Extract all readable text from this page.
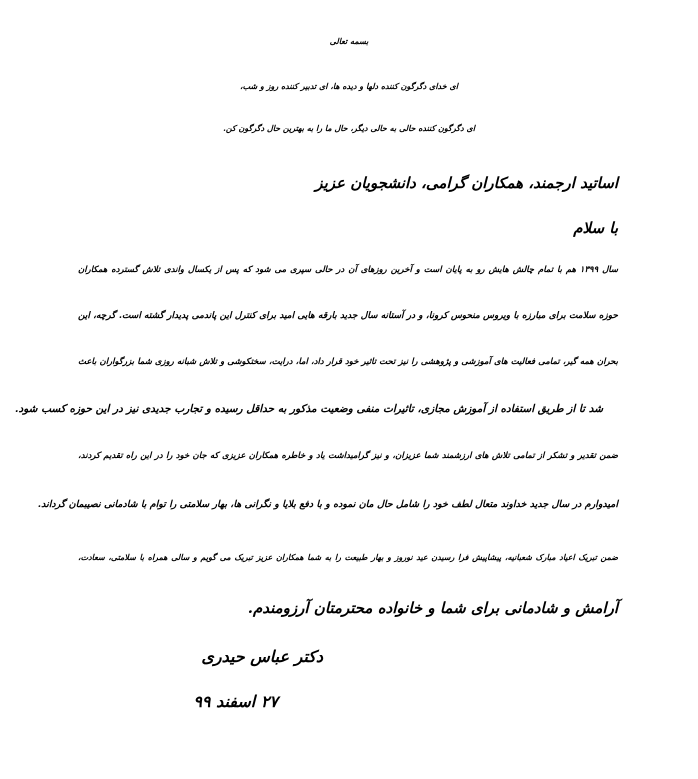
بسمه تعالی
ای خدای دگرگون کننده دلها و دیده ها، ای تدبیر کننده روز و شب،
ای دگرگون کننده حالی به حالی دیگر، حال ما را به بهترین حال دگرگون کن.
اساتید ارجمند، همکاران گرامی، دانشجویان عزیز
با سلام
سال ۱۳۹۹ هم با تمام چالش هایش رو به پایان است و آخرین روزهای آن در حالی سپری می شود که پس از یکسال واندی تلاش گسترده همکاران
حوزه سلامت برای مبارزه با ویروس منحوس کرونا، و در آستانه سال جدید بارقه هایی امید برای کنترل این پاندمی پدیدار گشته است. گرچه، این
بحران همه گیر، تمامی فعالیت های آموزشی و پژوهشی را نیز تحت تاثیر خود قرار داد، اما، درایت، سختکوشی و تلاش شبانه روزی شما بزرگواران باعث
شد تا از طریق استفاده از آموزش مجازی، تاثیرات منفی وضعیت مذکور به حداقل رسیده و تجارب جدیدی نیز در این حوزه کسب شود.
ضمن تقدیر و تشکر از تمامی تلاش های ارزشمند شما عزیزان، و نیز گرامیداشت یاد و خاطره همکاران عزیزی که جان خود را در این راه تقدیم کردند،
امیدوارم در سال جدید خداوند متعال لطف خود را شامل حال مان نموده و با دفع بلایا و نگرانی ها، بهار سلامتی را توام با شادمانی نصیبمان گرداند.
ضمن تبریک اعیاد مبارک شعبانیه، پیشاپیش فرا رسیدن عید نوروز و بهار طبیعت را به شما همکاران عزیز تبریک می گویم و سالی همراه با سلامتی، سعادت،
آرامش و شادمانی برای شما و خانواده محترمتان آرزومندم.
دکتر عباس حیدری
۲۷ اسفند ۹۹
